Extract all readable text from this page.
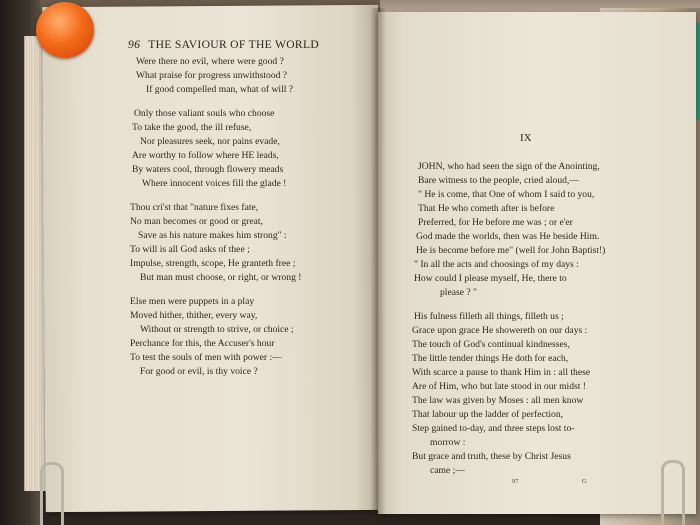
96 THE SAVIOUR OF THE WORLD
Were there no evil, where were good ?
What praise for progress unwithstood ?
If good compelled man, what of will ?
Only those valiant souls who choose
To take the good, the ill refuse,
Nor pleasures seek, nor pains evade,
Are worthy to follow where HE leads,
By waters cool, through flowery meads
Where innocent voices fill the glade !
Thou cri'st that "nature fixes fate,
No man becomes or good or great,
Save as his nature makes him strong" :
To will is all God asks of thee ;
Impulse, strength, scope, He granteth free ;
But man must choose, or right, or wrong !
Else men were puppets in a play
Moved hither, thither, every way,
Without or strength to strive, or choice ;
Perchance for this, the Accuser's hour
To test the souls of men with power :—
For good or evil, is thy voice ?
IX
JOHN, who had seen the sign of the Anointing,
Bare witness to the people, cried aloud,—
" He is come, that One of whom I said to you,
That He who cometh after is before
Preferred, for He before me was ; or e'er
God made the worlds, then was He beside Him.
He is become before me" (well for John Baptist!)
" In all the acts and choosings of my days :
How could I please myself, He, there to
please ? "
His fulness filleth all things, filleth us ;
Grace upon grace He showereth on our days :
The touch of God's continual kindnesses,
The little tender things He doth for each,
With scarce a pause to thank Him in : all these
Are of Him, who but late stood in our midst !
The law was given by Moses : all men know
That labour up the ladder of perfection,
Step gained to-day, and three steps lost to-
morrow :
But grace and truth, these by Christ Jesus
came ;—
97	G
